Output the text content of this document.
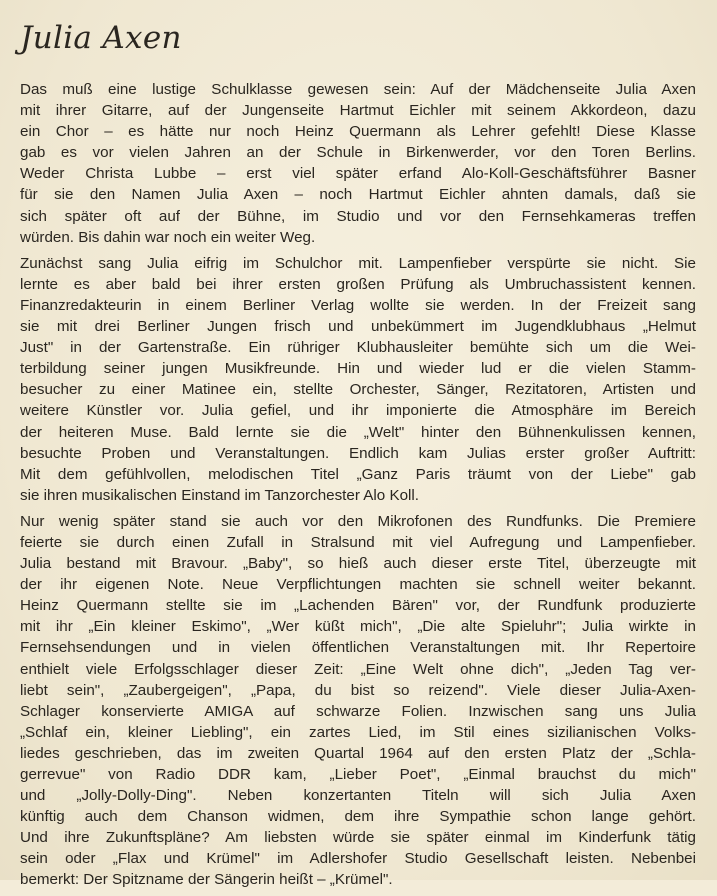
Julia Axen

Das muß eine lustige Schulklasse gewesen sein: Auf der Mädchenseite Julia Axen
mit ihrer Gitarre, auf der Jungenseite Hartmut Eichler mit seinem Akkordeon, dazu
ein Chor – es hätte nur noch Heinz Quermann als Lehrer gefehlt! Diese Klasse
gab es vor vielen Jahren an der Schule in Birkenwerder, vor den Toren Berlins.
Weder Christa Lubbe – erst viel später erfand Alo-Koll-Geschäftsführer Basner
für sie den Namen Julia Axen – noch Hartmut Eichler ahnten damals, daß sie
sich später oft auf der Bühne, im Studio und vor den Fernsehkameras treffen
würden. Bis dahin war noch ein weiter Weg.

Zunächst sang Julia eifrig im Schulchor mit. Lampenfieber verspürte sie nicht. Sie
lernte es aber bald bei ihrer ersten großen Prüfung als Umbruchassistent kennen.
Finanzredakteurin in einem Berliner Verlag wollte sie werden. In der Freizeit sang
sie mit drei Berliner Jungen frisch und unbekümmert im Jugendklubhaus „Helmut
Just" in der Gartenstraße. Ein rühriger Klubhausleiter bemühte sich um die Wei-
terbildung seiner jungen Musikfreunde. Hin und wieder lud er die vielen Stamm-
besucher zu einer Matinee ein, stellte Orchester, Sänger, Rezitatoren, Artisten und
weitere Künstler vor. Julia gefiel, und ihr imponierte die Atmosphäre im Bereich
der heiteren Muse. Bald lernte sie die „Welt" hinter den Bühnenkulissen kennen,
besuchte Proben und Veranstaltungen. Endlich kam Julias erster großer Auftritt:
Mit dem gefühlvollen, melodischen Titel „Ganz Paris träumt von der Liebe" gab
sie ihren musikalischen Einstand im Tanzorchester Alo Koll.

Nur wenig später stand sie auch vor den Mikrofonen des Rundfunks. Die Premiere
feierte sie durch einen Zufall in Stralsund mit viel Aufregung und Lampenfieber.
Julia bestand mit Bravour. „Baby", so hieß auch dieser erste Titel, überzeugte mit
der ihr eigenen Note. Neue Verpflichtungen machten sie schnell weiter bekannt.
Heinz Quermann stellte sie im „Lachenden Bären" vor, der Rundfunk produzierte
mit ihr „Ein kleiner Eskimo", „Wer küßt mich", „Die alte Spieluhr"; Julia wirkte in
Fernsehsendungen und in vielen öffentlichen Veranstaltungen mit. Ihr Repertoire
enthielt viele Erfolgsschlager dieser Zeit: „Eine Welt ohne dich", „Jeden Tag ver-
liebt sein", „Zaubergeigen", „Papa, du bist so reizend". Viele dieser Julia-Axen-
Schlager konservierte AMIGA auf schwarze Folien. Inzwischen sang uns Julia
„Schlaf ein, kleiner Liebling", ein zartes Lied, im Stil eines sizilianischen Volks-
liedes geschrieben, das im zweiten Quartal 1964 auf den ersten Platz der „Schla-
gerrevue" von Radio DDR kam, „Lieber Poet", „Einmal brauchst du mich"
und „Jolly-Dolly-Ding". Neben konzertanten Titeln will sich Julia Axen
künftig auch dem Chanson widmen, dem ihre Sympathie schon lange gehört.
Und ihre Zukunftspläne? Am liebsten würde sie später einmal im Kinderfunk tätig
sein oder „Flax und Krümel" im Adlershofer Studio Gesellschaft leisten. Nebenbei
bemerkt: Der Spitzname der Sängerin heißt – „Krümel".
